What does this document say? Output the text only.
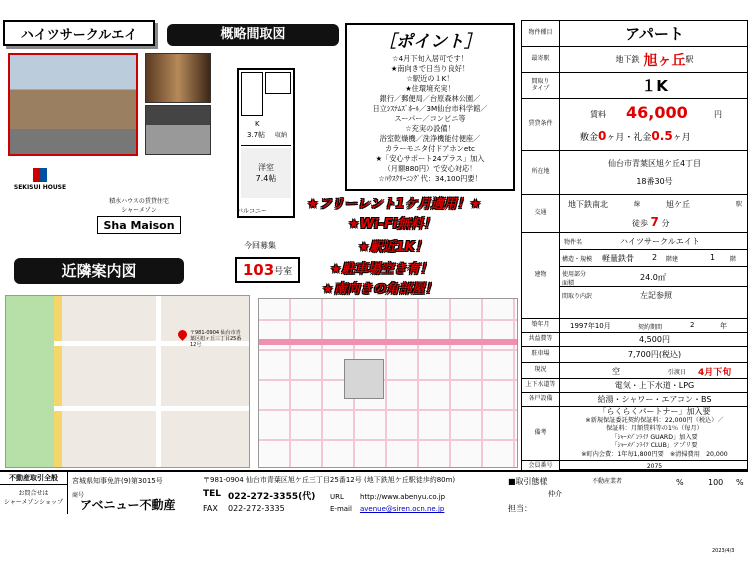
ハイツサークルエイ
SEKISUI HOUSE
積水ハウスの賃貸住宅
シャーメゾン
Sha Maison
概略間取図
K
3.7帖 収納
洋室
7.4帖
バルコニー
今回募集
103 号室
［ポイント］
☆4月下旬入居可です！
★南向きで日当り良好！
☆駅近の１K！
★住環境充実！
銀行／郵便局／台原森林公園／
日立ｼｽﾃﾑｽﾞﾎｰﾙ／3M仙台市科学館／
スーパー／コンビニ等
☆充実の設備！
浴室乾燥機／洗浄機能付便座／
カラーモニタ付ドアホンetc
★「安心サポート24プラス」加入
（月額880円）で安心対応！
☆ﾊｳｽｸﾘｰﾆﾝｸﾞ代：34,100円要！
★フリーレント1ケ月適用！★
★Wi-Fi無料！
★駅近1K！
★駐車場空き有！
★南向きの角部屋！
近隣案内図
〒981-0904 仙台市青葉区旭ヶ丘三丁目25番12号
物件種目	アパート
最寄駅	地下鉄 旭ヶ丘 駅
間取り
タイプ	１K
賃貸条件
賃料 46,000	円
敷金0ヶ月・礼金0.5ヶ月
所在地
仙台市青葉区旭ケ丘4丁目
18番30号
交通
地下鉄南北	線	旭ケ丘	駅
徒歩 7 分
建物
物件名	ハイツサークルエイト
構造・規模 軽量鉄骨 2 階建	1 階
使用部分
面積
24.0㎡
間取り内訳	左記参照
築年月	1997年10月	契約期間	2	年
共益費等	4,500円
駐車場	7,700円(税込)
現況	空	引渡日 4月下旬
上下水道等	電気・上下水道・LPG
各戸設備	給湯・シャワー・エアコン・BS
備考
「らくらくパートナー」加入要
※新規保証委託契約保証料：22,000円（税込）／
保証料：月額賃料等の1％（毎月）
「ｼｬｰﾒｿﾞﾝﾗｲﾌ GUARD」加入要
「ｼｬｰﾒｿﾞﾝﾗｲﾌ CLUB」アプリ要
※町内会費：1年毎1,800円要　※清掃費用　20,000
会員番号	2075
不動産取引全般
お問合せは
シャーメゾンショップ
宮城県知事免許(9)第3015号
商号
アベニュー不動産
〒981-0904 仙台市青葉区旭ケ丘三丁目25番12号 (地下鉄旭ケ丘駅徒歩約80m)
TEL 022-272-3355(代)
FAX 022-272-3335
URL http://www.abenyu.co.jp
E-mail avenue@siren.ocn.ne.jp
■取引態様
仲介
担当：
不動産業者	%	100 %
2023/4/3
